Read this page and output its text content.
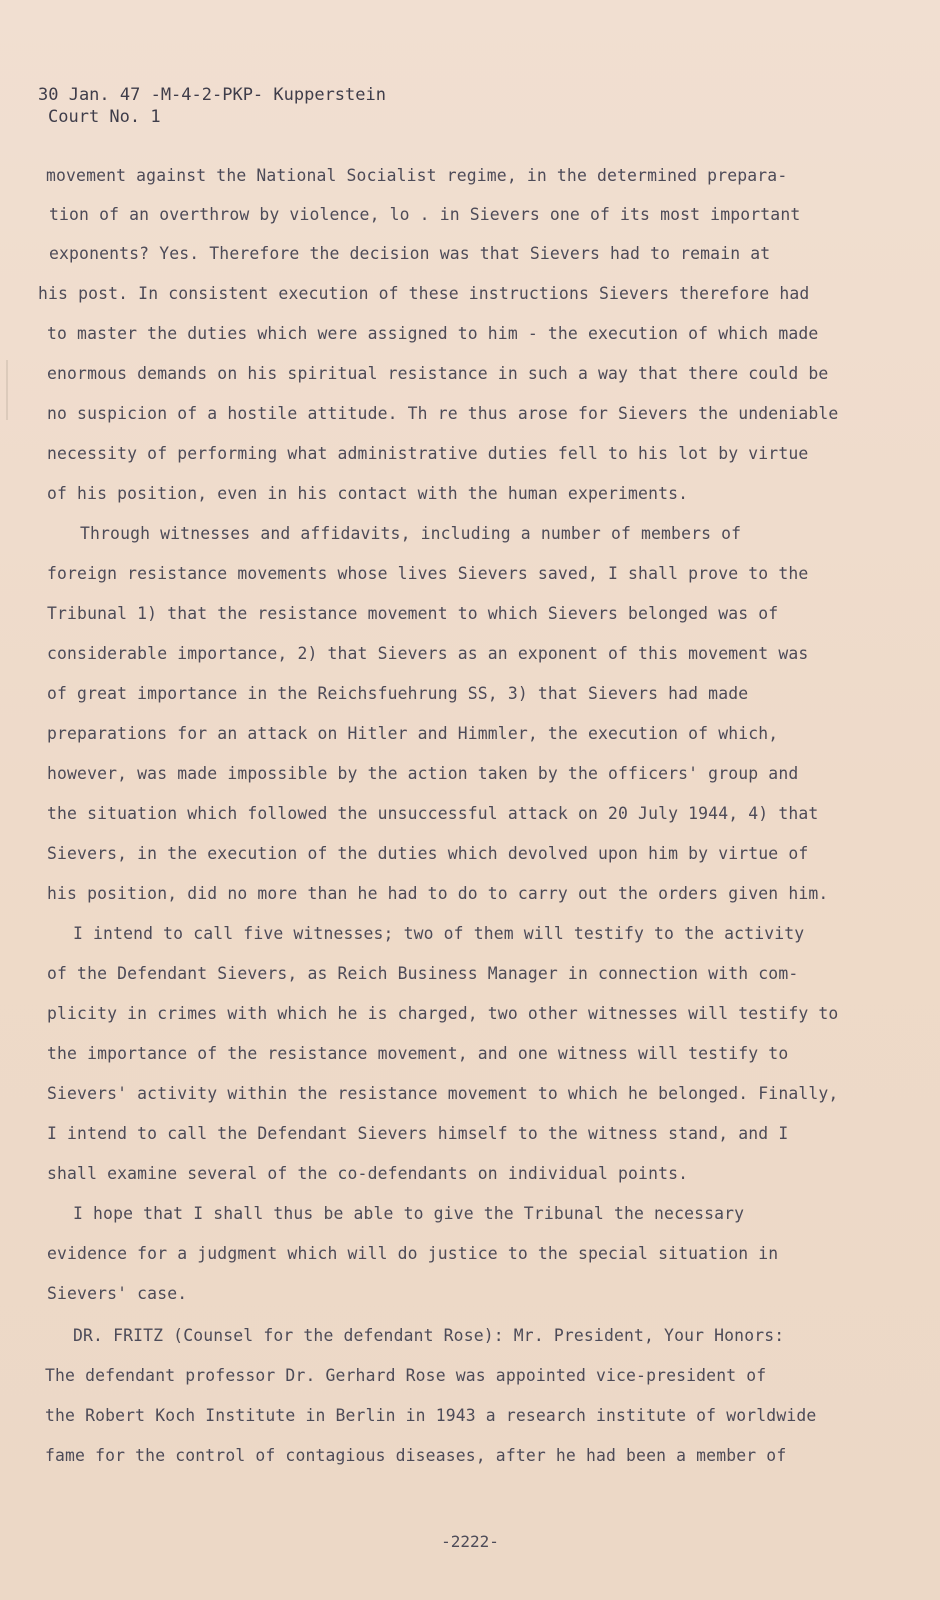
30 Jan. 47 -M-4-2-PKP- Kupperstein
Court No. 1
movement against the National Socialist regime, in the determined prepara-
tion of an overthrow by violence, lo . in Sievers one of its most important
exponents? Yes. Therefore the decision was that Sievers had to remain at
his post. In consistent execution of these instructions Sievers therefore had
to master the duties which were assigned to him - the execution of which made
enormous demands on his spiritual resistance in such a way that there could be
no suspicion of a hostile attitude. Th re thus arose for Sievers the undeniable
necessity of performing what administrative duties fell to his lot by virtue
of his position, even in his contact with the human experiments.
Through witnesses and affidavits, including a number of members of
foreign resistance movements whose lives Sievers saved, I shall prove to the
Tribunal 1) that the resistance movement to which Sievers belonged was of
considerable importance, 2) that Sievers as an exponent of this movement was
of great importance in the Reichsfuehrung SS, 3) that Sievers had made
preparations for an attack on Hitler and Himmler, the execution of which,
however, was made impossible by the action taken by the officers' group and
the situation which followed the unsuccessful attack on 20 July 1944, 4) that
Sievers, in the execution of the duties which devolved upon him by virtue of
his position, did no more than he had to do to carry out the orders given him.
I intend to call five witnesses; two of them will testify to the activity
of the Defendant Sievers, as Reich Business Manager in connection with com-
plicity in crimes with which he is charged, two other witnesses will testify to
the importance of the resistance movement, and one witness will testify to
Sievers' activity within the resistance movement to which he belonged. Finally,
I intend to call the Defendant Sievers himself to the witness stand, and I
shall examine several of the co-defendants on individual points.
I hope that I shall thus be able to give the Tribunal the necessary
evidence for a judgment which will do justice to the special situation in
Sievers' case.
DR. FRITZ (Counsel for the defendant Rose): Mr. President, Your Honors:
The defendant professor Dr. Gerhard Rose was appointed vice-president of
the Robert Koch Institute in Berlin in 1943 a research institute of worldwide
fame for the control of contagious diseases, after he had been a member of
-2222-
